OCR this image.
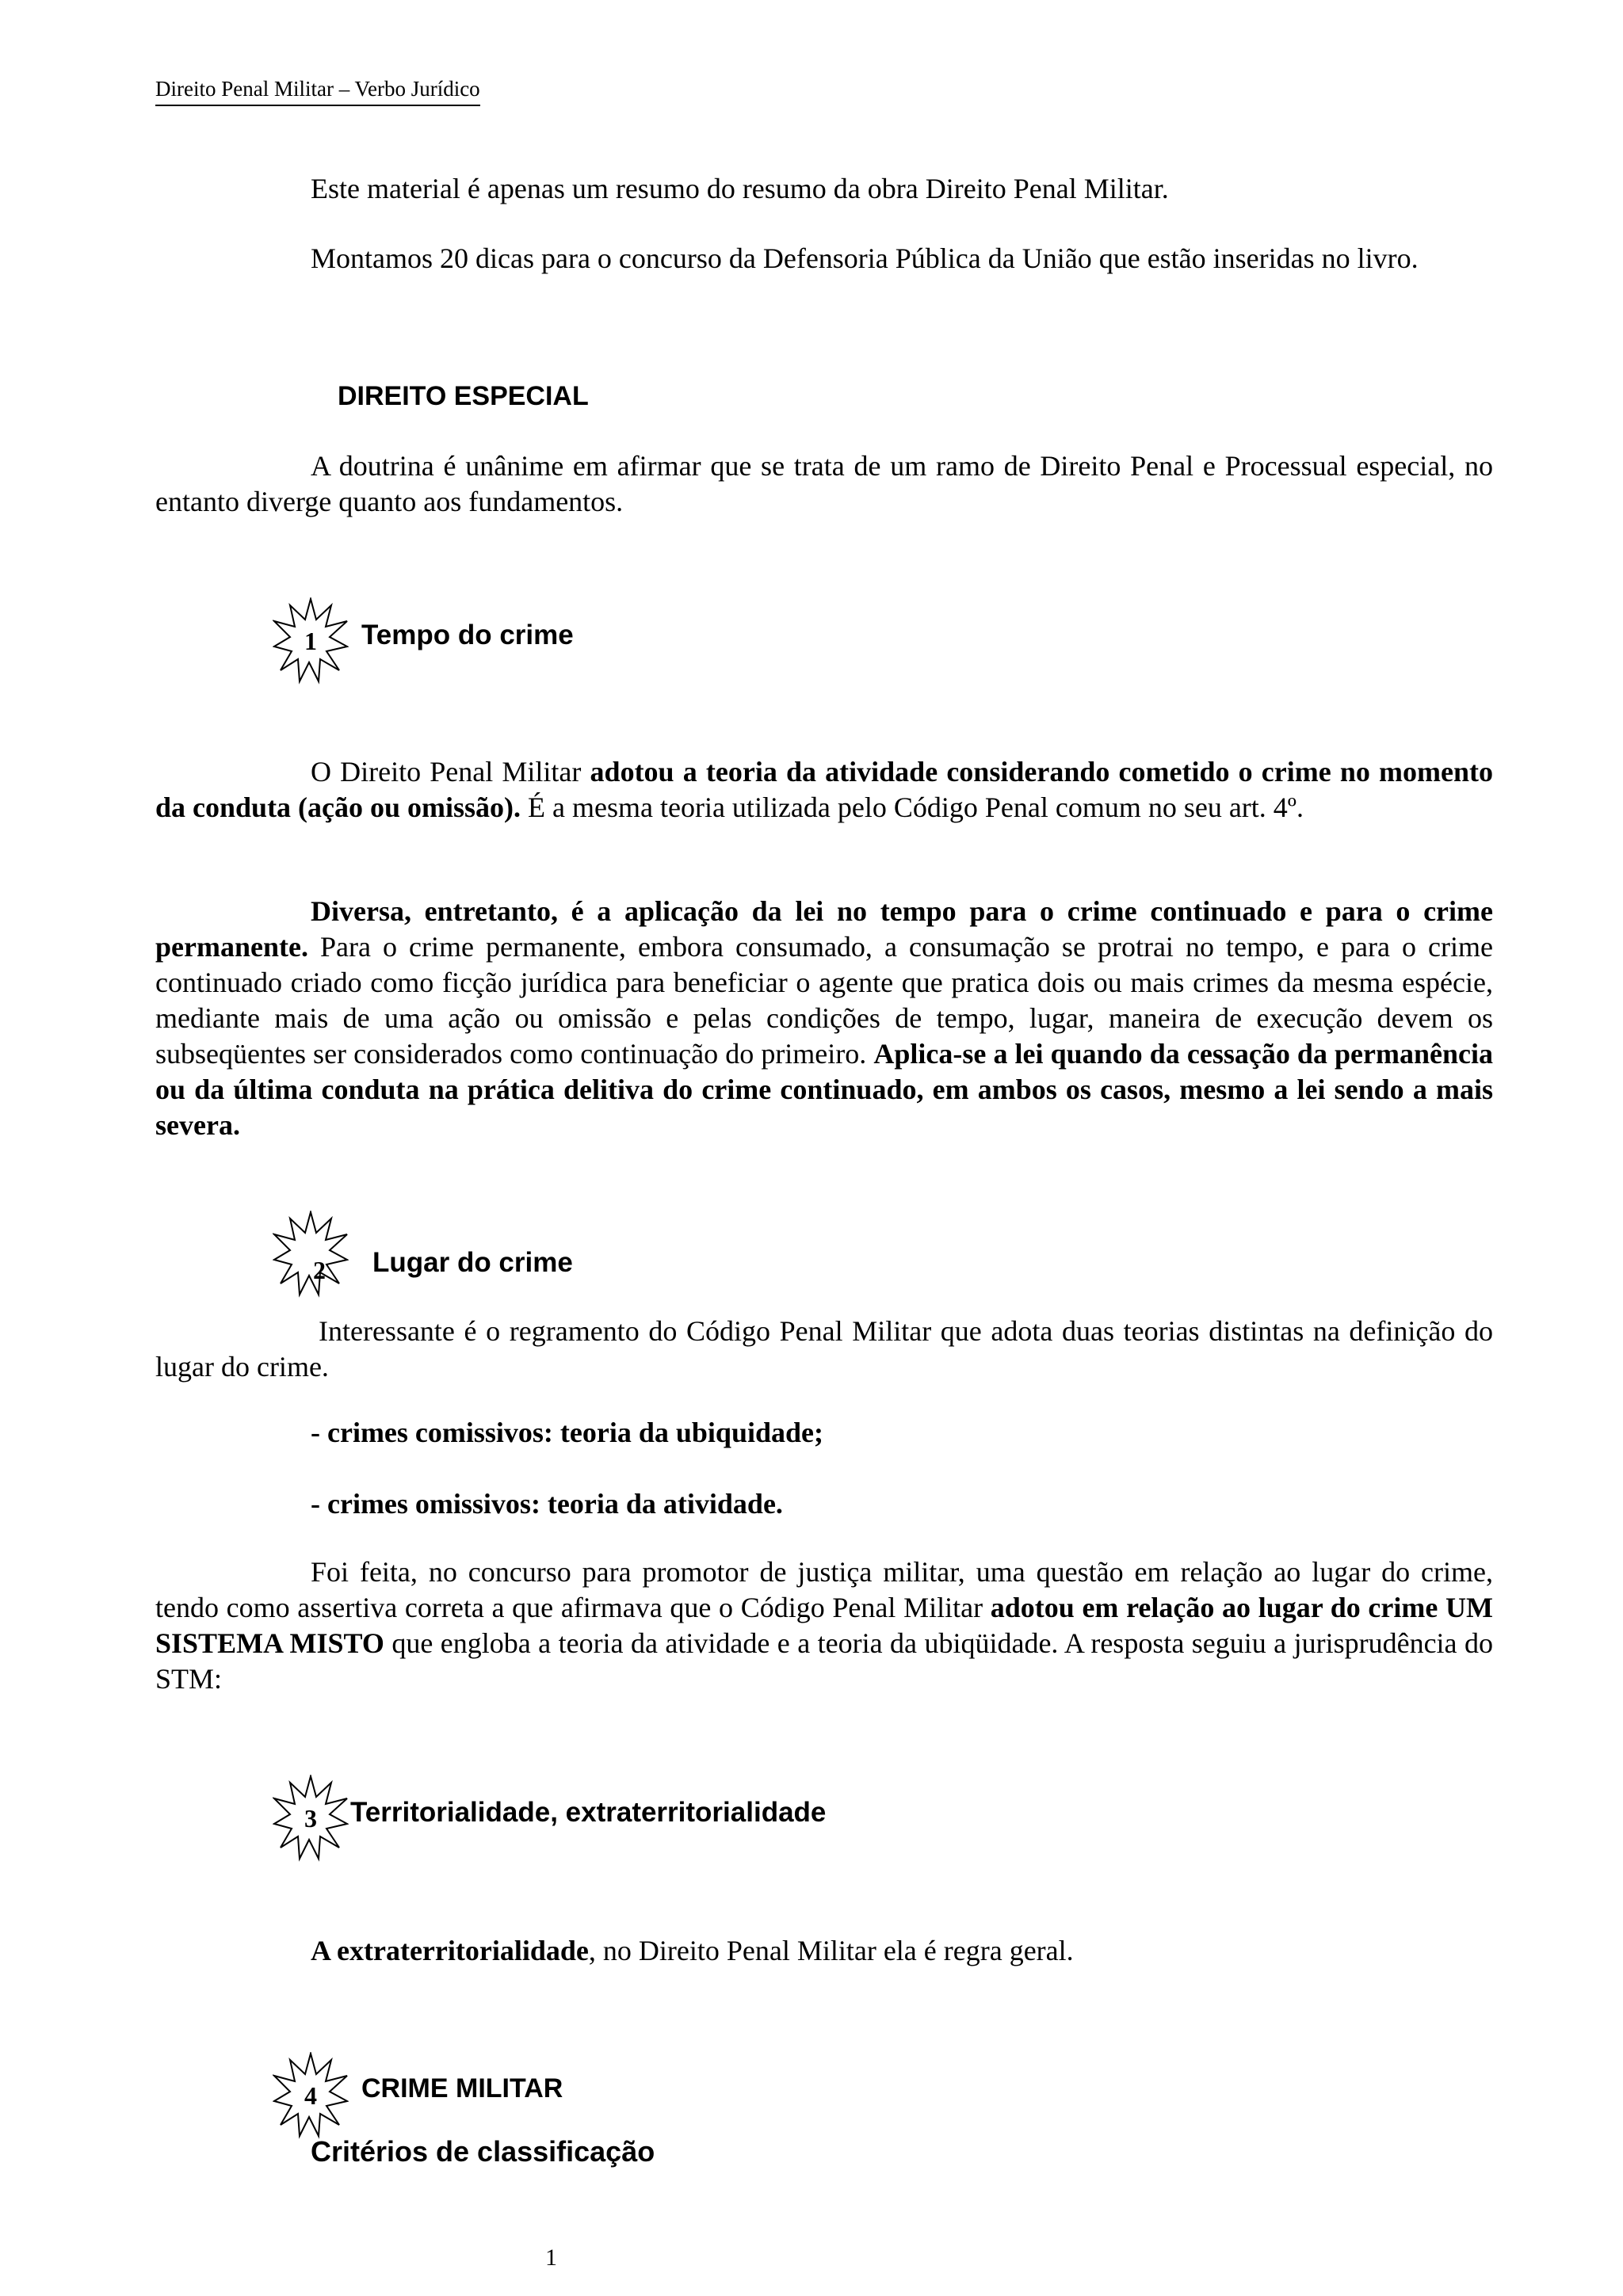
Direito Penal Militar – Verbo Jurídico
Este material é apenas um resumo do resumo da obra Direito Penal Militar.
Montamos 20 dicas para o concurso da Defensoria Pública da União que estão inseridas no livro.
DIREITO ESPECIAL
A doutrina é unânime em afirmar que se trata de um ramo de Direito Penal e Processual especial, no entanto diverge quanto aos fundamentos.
1	Tempo do crime
O Direito Penal Militar adotou a teoria da atividade considerando cometido o crime no momento da conduta (ação ou omissão). É a mesma teoria utilizada pelo Código Penal comum no seu art. 4º.
Diversa, entretanto, é a aplicação da lei no tempo para o crime continuado e para o crime permanente. Para o crime permanente, embora consumado, a consumação se protrai no tempo, e para o crime continuado criado como ficção jurídica para beneficiar o agente que pratica dois ou mais crimes da mesma espécie, mediante mais de uma ação ou omissão e pelas condições de tempo, lugar, maneira de execução devem os subseqüentes ser considerados como continuação do primeiro. Aplica-se a lei quando da cessação da permanência ou da última conduta na prática delitiva do crime continuado, em ambos os casos, mesmo a lei sendo a mais severa.
2	Lugar do crime
Interessante é o regramento do Código Penal Militar que adota duas teorias distintas na definição do lugar do crime.
- crimes comissivos: teoria da ubiquidade;
- crimes omissivos: teoria da atividade.
Foi feita, no concurso para promotor de justiça militar, uma questão em relação ao lugar do crime, tendo como assertiva correta a que afirmava que o Código Penal Militar adotou em relação ao lugar do crime UM SISTEMA MISTO que engloba a teoria da atividade e a teoria da ubiqüidade. A resposta seguiu a jurisprudência do STM:
3	Territorialidade, extraterritorialidade
A extraterritorialidade, no Direito Penal Militar ela é regra geral.
4	CRIME MILITAR
Critérios de classificação
1
